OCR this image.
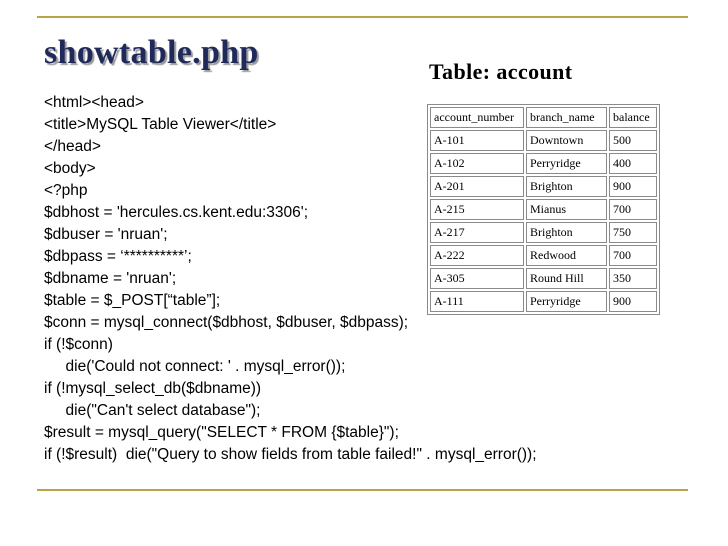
showtable.php
<html><head>
<title>MySQL Table Viewer</title>
</head>
<body>
<?php
$dbhost = 'hercules.cs.kent.edu:3306';
$dbuser = 'nruan';
$dbpass = ‘**********’;
$dbname = 'nruan';
$table = $_POST[“table”];
$conn = mysql_connect($dbhost, $dbuser, $dbpass);
if (!$conn)
die('Could not connect: ' . mysql_error());
if (!mysql_select_db($dbname))
die("Can't select database");
$result = mysql_query("SELECT * FROM {$table}");
if (!$result)  die("Query to show fields from table failed!" . mysql_error());
Table: account
account_number	branch_name	balance
A-101	Downtown	500
A-102	Perryridge	400
A-201	Brighton	900
A-215	Mianus	700
A-217	Brighton	750
A-222	Redwood	700
A-305	Round Hill	350
A-111	Perryridge	900
